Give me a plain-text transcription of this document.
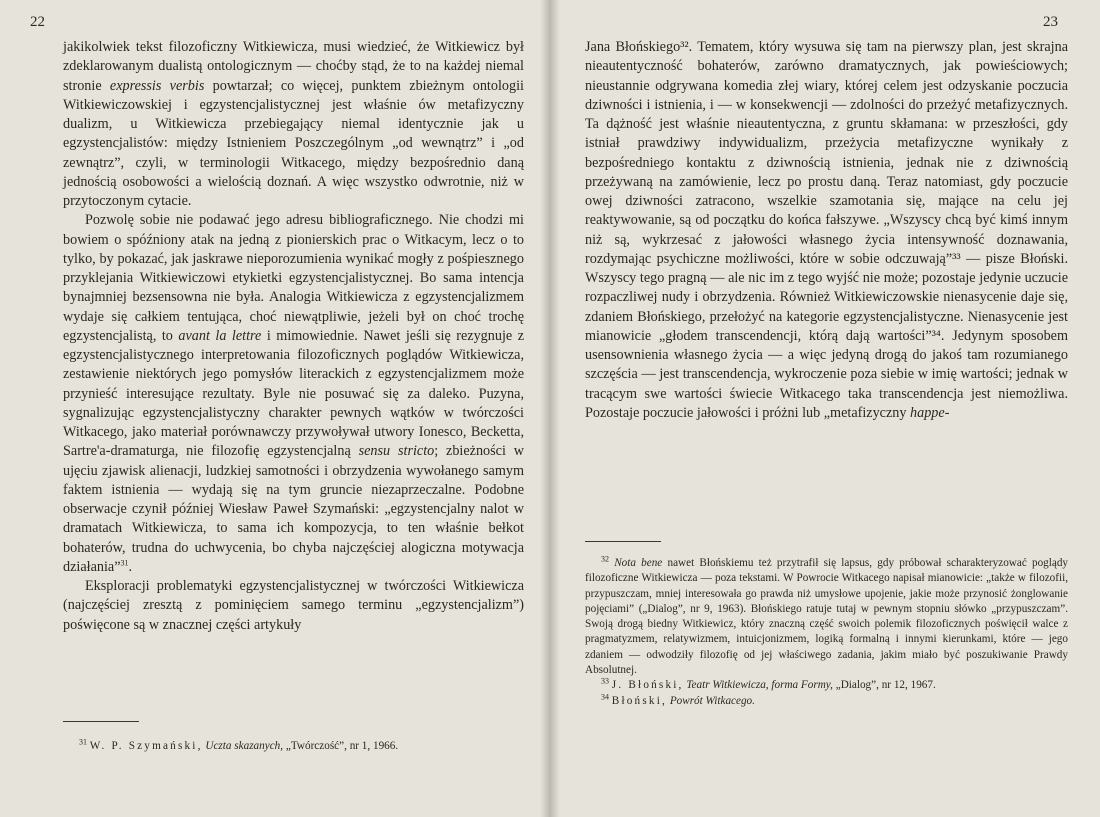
22

jakikolwiek tekst filozoficzny Witkiewicza, musi wiedzieć, że Witkiewicz był zdeklarowanym dualistą ontologicznym — choćby stąd, że to na każdej niemal stronie expressis verbis powtarzał; co więcej, punktem zbieżnym ontologii Witkiewiczowskiej i egzystencjalistycznej jest właśnie ów metafizyczny dualizm, u Witkiewicza przebiegający niemal identycznie jak u egzystencjalistów: między Istnieniem Poszczególnym „od wewnątrz” i „od zewnątrz”, czyli, w terminologii Witkacego, między bezpośrednio daną jednością osobowości a wielością doznań. A więc wszystko odwrotnie, niż w przytoczonym cytacie.

Pozwolę sobie nie podawać jego adresu bibliograficznego. Nie chodzi mi bowiem o spóźniony atak na jedną z pionierskich prac o Witkacym, lecz o to tylko, by pokazać, jak jaskrawe nieporozumienia wynikać mogły z pośpiesznego przyklejania Witkiewiczowi etykietki egzystencjalistycznej. Bo sama intencja bynajmniej bezsensowna nie była. Analogia Witkiewicza z egzystencjalizmem wydaje się całkiem tentująca, choć niewątpliwie, jeżeli był on choć trochę egzystencjalistą, to avant la lettre i mimowiednie. Nawet jeśli się rezygnuje z egzystencjalistycznego interpretowania filozoficznych poglądów Witkiewicza, zestawienie niektórych jego pomysłów literackich z egzystencjalizmem może przynieść interesujące rezultaty. Byle nie posuwać się za daleko. Puzyna, sygnalizując egzystencjalistyczny charakter pewnych wątków w twórczości Witkacego, jako materiał porównawczy przywoływał utwory Ionesco, Becketta, Sartre'a-dramaturga, nie filozofię egzystencjalną sensu stricto; zbieżności w ujęciu zjawisk alienacji, ludzkiej samotności i obrzydzenia wywołanego samym faktem istnienia — wydają się na tym gruncie niezaprzeczalne. Podobne obserwacje czynił później Wiesław Paweł Szymański: „egzystencjalny nalot w dramatach Witkiewicza, to sama ich kompozycja, to ten właśnie bełkot bohaterów, trudna do uchwycenia, bo chyba najczęściej alogiczna motywacja działania”$^{31}$.

Eksploracji problematyki egzystencjalistycznej w twórczości Witkiewicza (najczęściej zresztą z pominięciem samego terminu „egzystencjalizm”) poświęcone są w znacznej części artykuły

$^{31}$ W. P. Szymański, Uczta skazanych, „Twórczość”, nr 1, 1966.

23

Jana Błońskiego³². Tematem, który wysuwa się tam na pierwszy plan, jest skrajna nieautentyczność bohaterów, zarówno dramatycznych, jak powieściowych; nieustannie odgrywana komedia złej wiary, której celem jest odzyskanie poczucia dziwności i istnienia, i — w konsekwencji — zdolności do przeżyć metafizycznych. Ta dążność jest właśnie nieautentyczna, z gruntu skłamana: w przeszłości, gdy istniał prawdziwy indywidualizm, przeżycia metafizyczne wynikały z bezpośredniego kontaktu z dziwnością istnienia, jednak nie z dziwnością przeżywaną na zamówienie, lecz po prostu daną. Teraz natomiast, gdy poczucie owej dziwności zatracono, wszelkie szamotania się, mające na celu jej reaktywowanie, są od początku do końca fałszywe. „Wszyscy chcą być kimś innym niż są, wykrzesać z jałowości własnego życia intensywność doznawania, rozdymając psychiczne możliwości, które w sobie odczuwają”³³ — pisze Błoński. Wszyscy tego pragną — ale nic im z tego wyjść nie może; pozostaje jedynie uczucie rozpaczliwej nudy i obrzydzenia. Również Witkiewiczowskie nienasycenie daje się, zdaniem Błońskiego, przełożyć na kategorie egzystencjalistyczne. Nienasycenie jest mianowicie „głodem transcendencji, którą dają wartości”³⁴. Jedynym sposobem usensownienia własnego życia — a więc jedyną drogą do jakoś tam rozumianego szczęścia — jest transcendencja, wykroczenie poza siebie w imię wartości; jednak w tracącym swe wartości świecie Witkacego taka transcendencja jest niemożliwa. Pozostaje poczucie jałowości i próżni lub „metafizyczny happe-

$^{32}$ Nota bene nawet Błońskiemu też przytrafił się lapsus, gdy próbował scharakteryzować poglądy filozoficzne Witkiewicza — poza tekstami. W Powrocie Witkacego napisał mianowicie: „także w filozofii, przypuszczam, mniej interesowała go prawda niż umysłowe upojenie, jakie może przynosić żonglowanie pojęciami” („Dialog”, nr 9, 1963). Błońskiego ratuje tutaj w pewnym stopniu słówko „przypuszczam”. Swoją drogą biedny Witkiewicz, który znaczną część swoich polemik filozoficznych poświęcił walce z pragmatyzmem, relatywizmem, intuicjonizmem, logiką formalną i innymi kierunkami, które — jego zdaniem — odwodziły filozofię od jej właściwego zadania, jakim miało być poszukiwanie Prawdy Absolutnej.

$^{33}$ J. Błoński, Teatr Witkiewicza, forma Formy, „Dialog”, nr 12, 1967.

$^{34}$ Błoński, Powrót Witkacego.
